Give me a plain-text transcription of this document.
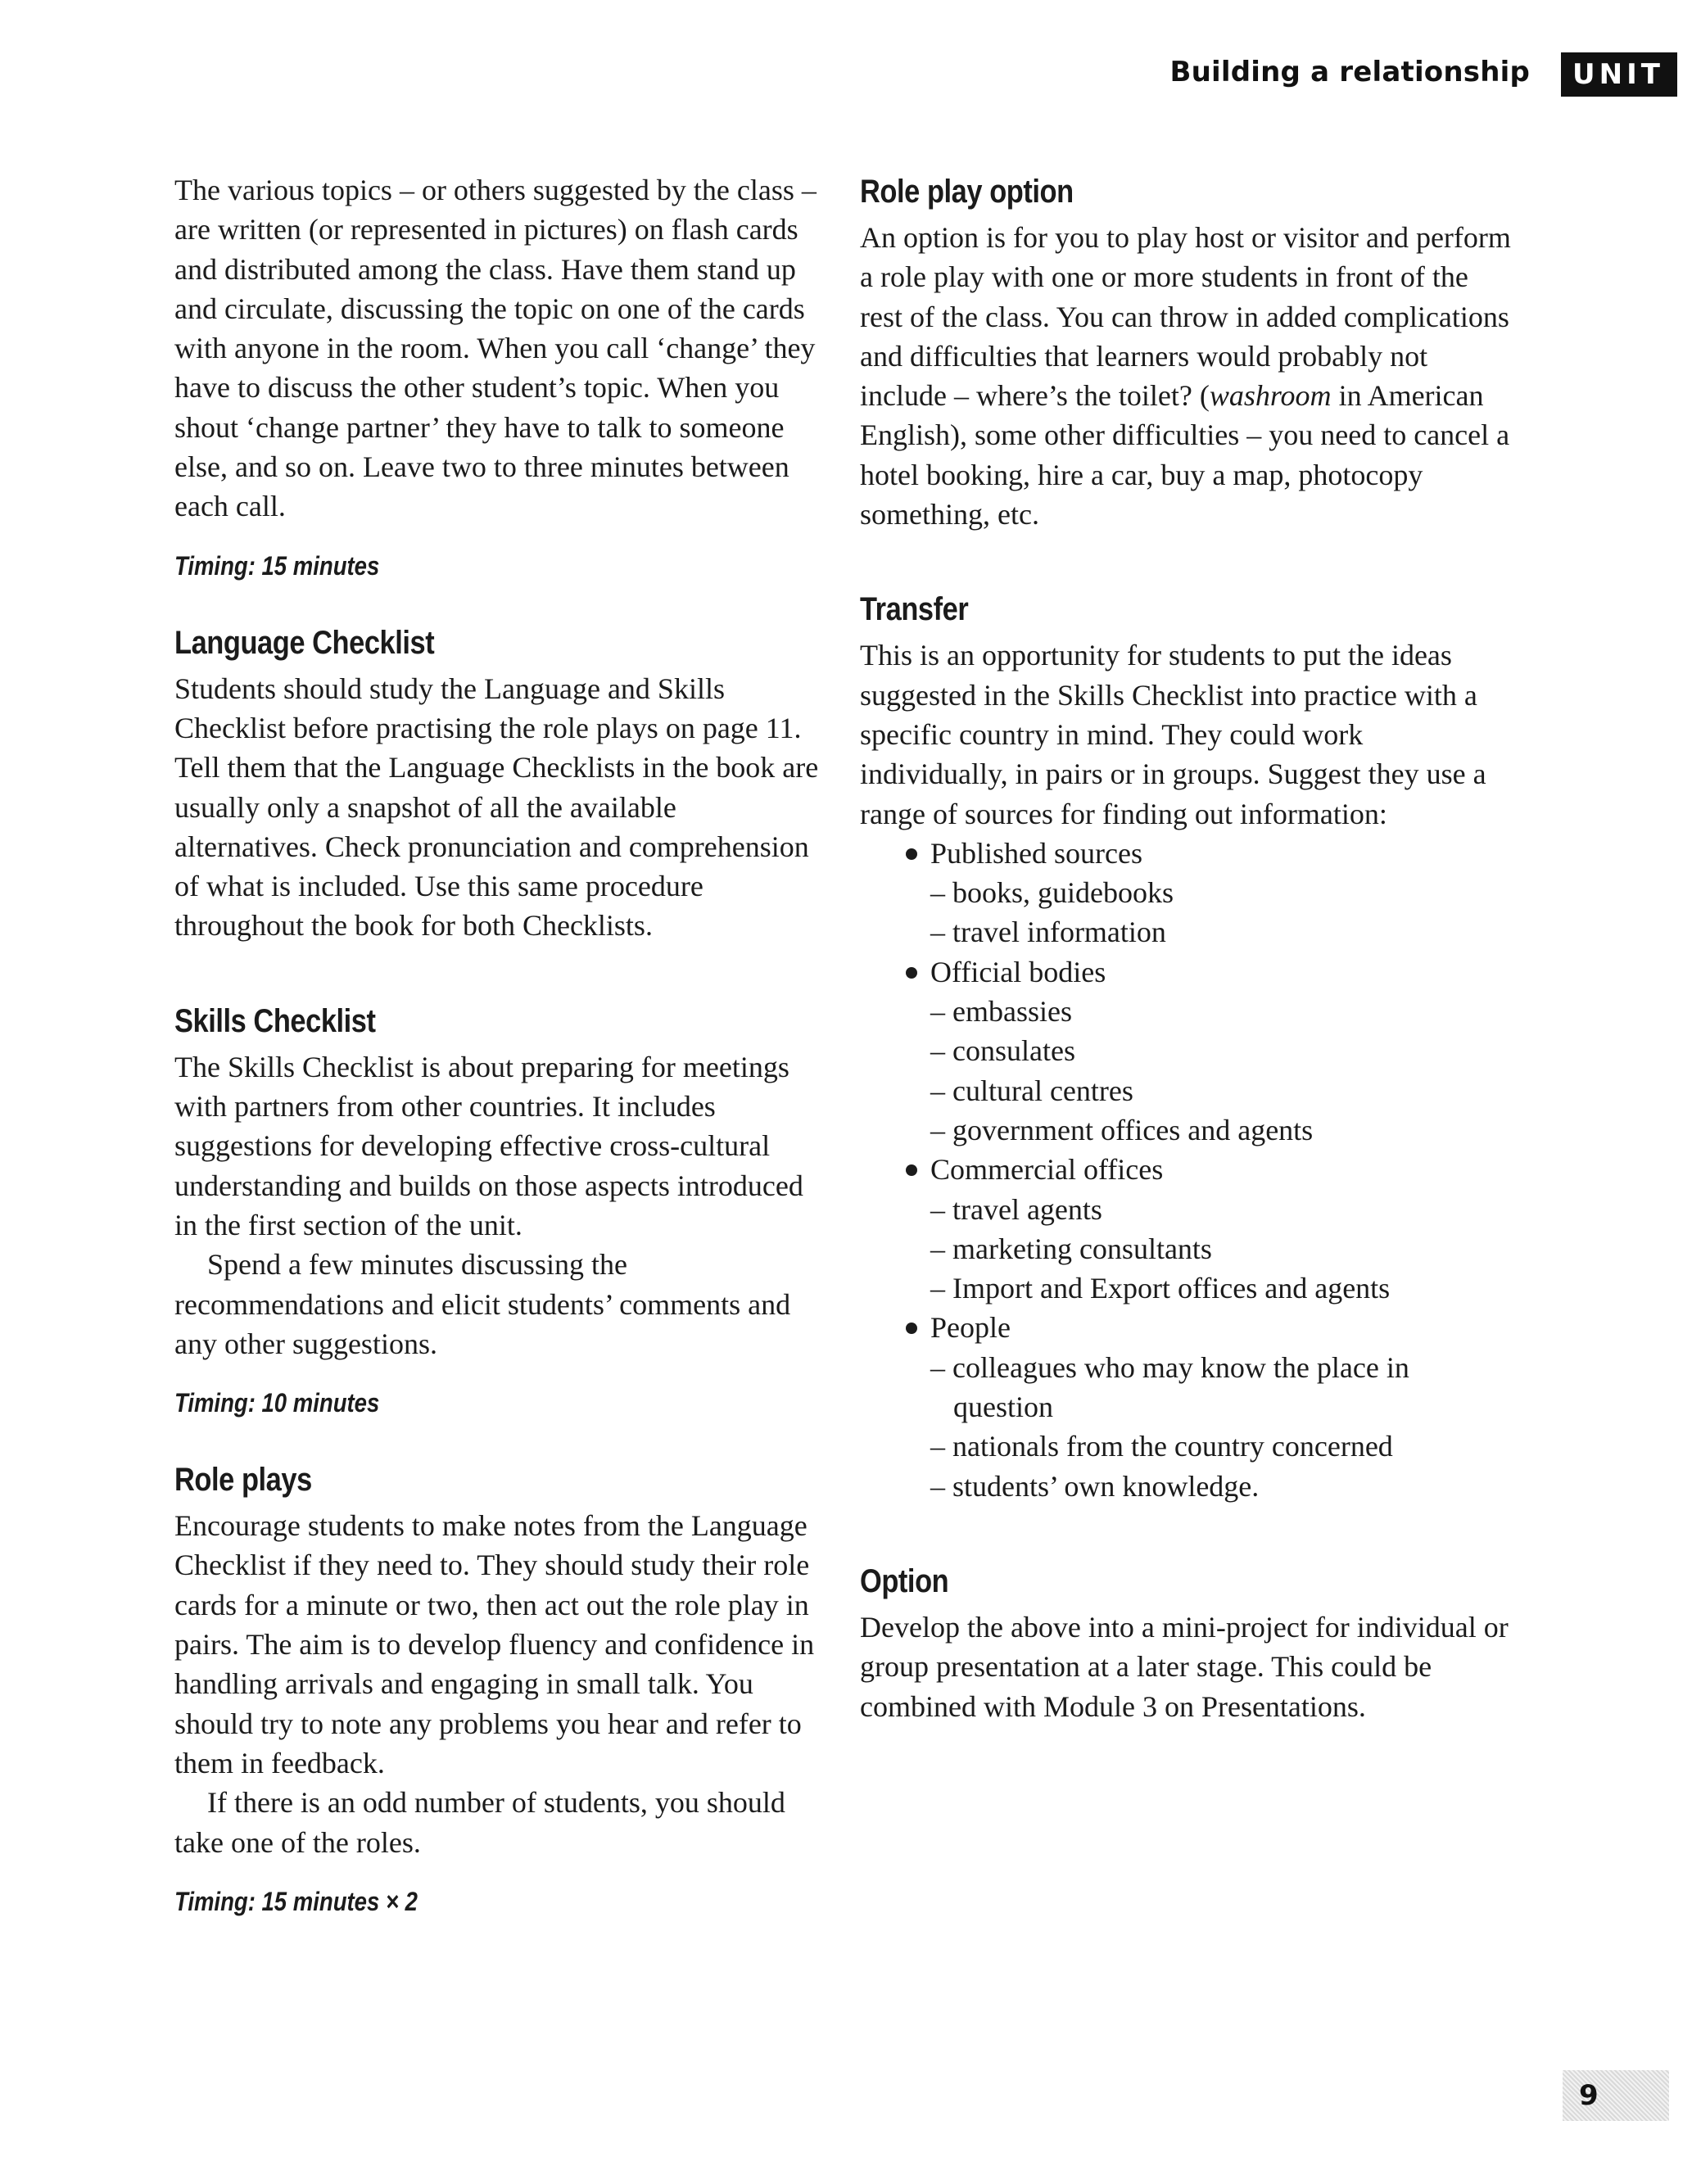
Building a relationship	UNIT 1

The various topics – or others suggested by the class – are written (or represented in pictures) on flash cards and distributed among the class. Have them stand up and circulate, discussing the topic on one of the cards with anyone in the room. When you call ‘change’ they have to discuss the other student’s topic. When you shout ‘change partner’ they have to talk to someone else, and so on. Leave two to three minutes between each call.

Timing: 15 minutes
Language Checklist

Students should study the Language and Skills Checklist before practising the role plays on page 11. Tell them that the Language Checklists in the book are usually only a snapshot of all the available alternatives. Check pronunciation and comprehension of what is included. Use this same procedure throughout the book for both Checklists.

Skills Checklist

The Skills Checklist is about preparing for meetings with partners from other countries. It includes suggestions for developing effective cross-cultural understanding and builds on those aspects introduced in the first section of the unit.

Spend a few minutes discussing the recommendations and elicit students’ comments and any other suggestions.

Timing: 10 minutes
Role plays

Encourage students to make notes from the Language Checklist if they need to. They should study their role cards for a minute or two, then act out the role play in pairs. The aim is to develop fluency and confidence in handling arrivals and engaging in small talk. You should try to note any problems you hear and refer to them in feedback.

If there is an odd number of students, you should take one of the roles.

Timing: 15 minutes × 2
Role play option

An option is for you to play host or visitor and perform a role play with one or more students in front of the rest of the class. You can throw in added complications and difficulties that learners would probably not include – where’s the toilet? (washroom in American English), some other difficulties – you need to cancel a hotel booking, hire a car, buy a map, photocopy something, etc.

Transfer

This is an opportunity for students to put the ideas suggested in the Skills Checklist into practice with a specific country in mind. They could work individually, in pairs or in groups. Suggest they use a range of sources for finding out information:

Published sources
– books, guidebooks
– travel information
Official bodies
– embassies
– consulates
– cultural centres
– government offices and agents
Commercial offices
– travel agents
– marketing consultants
– Import and Export offices and agents
People
– colleagues who may know the place in question
– nationals from the country concerned
– students’ own knowledge.
Option

Develop the above into a mini-project for individual or group presentation at a later stage. This could be combined with Module 3 on Presentations.

9
